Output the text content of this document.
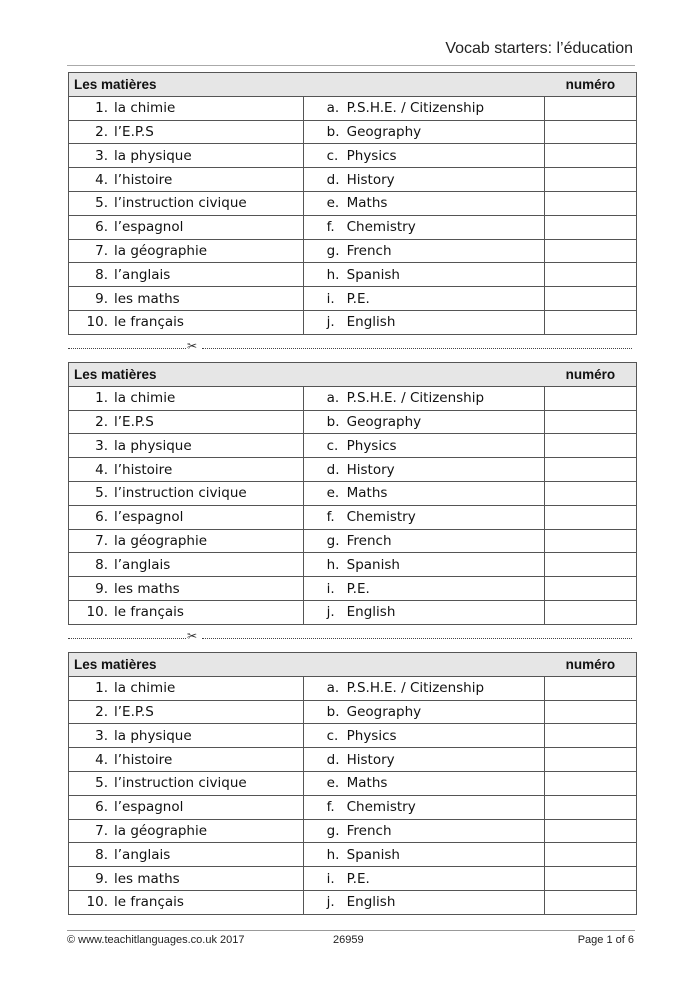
Vocab starters: l’éducation
Les matières		numéro
1. la chimie	a. P.S.H.E. / Citizenship	
2. l’E.P.S	b. Geography	
3. la physique	c. Physics	
4. l’histoire	d. History	
5. l’instruction civique	e. Maths	
6. l’espagnol	f. Chemistry	
7. la géographie	g. French	
8. l’anglais	h. Spanish	
9. les maths	i. P.E.	
10. le français	j. English	
✂
Les matières		numéro
1. la chimie	a. P.S.H.E. / Citizenship	
2. l’E.P.S	b. Geography	
3. la physique	c. Physics	
4. l’histoire	d. History	
5. l’instruction civique	e. Maths	
6. l’espagnol	f. Chemistry	
7. la géographie	g. French	
8. l’anglais	h. Spanish	
9. les maths	i. P.E.	
10. le français	j. English	
✂
Les matières		numéro
1. la chimie	a. P.S.H.E. / Citizenship	
2. l’E.P.S	b. Geography	
3. la physique	c. Physics	
4. l’histoire	d. History	
5. l’instruction civique	e. Maths	
6. l’espagnol	f. Chemistry	
7. la géographie	g. French	
8. l’anglais	h. Spanish	
9. les maths	i. P.E.	
10. le français	j. English	
© www.teachitlanguages.co.uk 2017	26959	Page 1 of 6
